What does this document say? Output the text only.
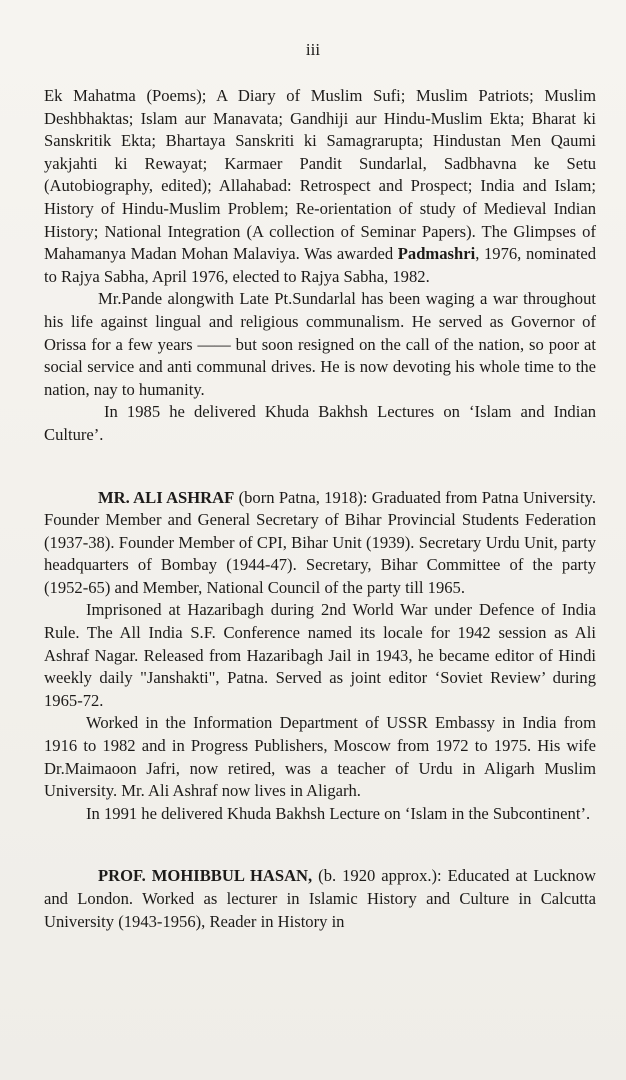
iii

Ek Mahatma (Poems); A Diary of Muslim Sufi; Muslim Patriots; Muslim Deshbhaktas; Islam aur Manavata; Gandhiji aur Hindu-Muslim Ekta; Bharat ki Sanskritik Ekta; Bhartaya Sanskriti ki Samagrarupta; Hindustan Men Qaumi yakjahti ki Rewayat; Karmaer Pandit Sundarlal, Sadbhavna ke Setu (Autobiography, edited); Allahabad: Retrospect and Prospect; India and Islam; History of Hindu-Muslim Problem; Re-orientation of study of Medieval Indian History; National Integration (A collection of Seminar Papers). The Glimpses of Mahamanya Madan Mohan Malaviya. Was awarded Padmashri, 1976, nominated to Rajya Sabha, April 1976, elected to Rajya Sabha, 1982.

Mr.Pande alongwith Late Pt.Sundarlal has been waging a war throughout his life against lingual and religious communalism. He served as Governor of Orissa for a few years —— but soon resigned on the call of the nation, so poor at social service and anti communal drives. He is now devoting his whole time to the nation, nay to humanity.

In 1985 he delivered Khuda Bakhsh Lectures on ‘Islam and Indian Culture’.

MR. ALI ASHRAF (born Patna, 1918): Graduated from Patna University. Founder Member and General Secretary of Bihar Provincial Students Federation (1937-38). Founder Member of CPI, Bihar Unit (1939). Secretary Urdu Unit, party headquarters of Bombay (1944-47). Secretary, Bihar Committee of the party (1952-65) and Member, National Council of the party till 1965.

Imprisoned at Hazaribagh during 2nd World War under Defence of India Rule. The All India S.F. Conference named its locale for 1942 session as Ali Ashraf Nagar. Released from Hazaribagh Jail in 1943, he became editor of Hindi weekly daily "Janshakti", Patna. Served as joint editor ‘Soviet Review’ during 1965-72.

Worked in the Information Department of USSR Embassy in India from 1916 to 1982 and in Progress Publishers, Moscow from 1972 to 1975. His wife Dr.Maimaoon Jafri, now retired, was a teacher of Urdu in Aligarh Muslim University. Mr. Ali Ashraf now lives in Aligarh.

In 1991 he delivered Khuda Bakhsh Lecture on ‘Islam in the Subcontinent’.

PROF. MOHIBBUL HASAN, (b. 1920 approx.): Educated at Lucknow and London. Worked as lecturer in Islamic History and Culture in Calcutta University (1943-1956), Reader in History in
